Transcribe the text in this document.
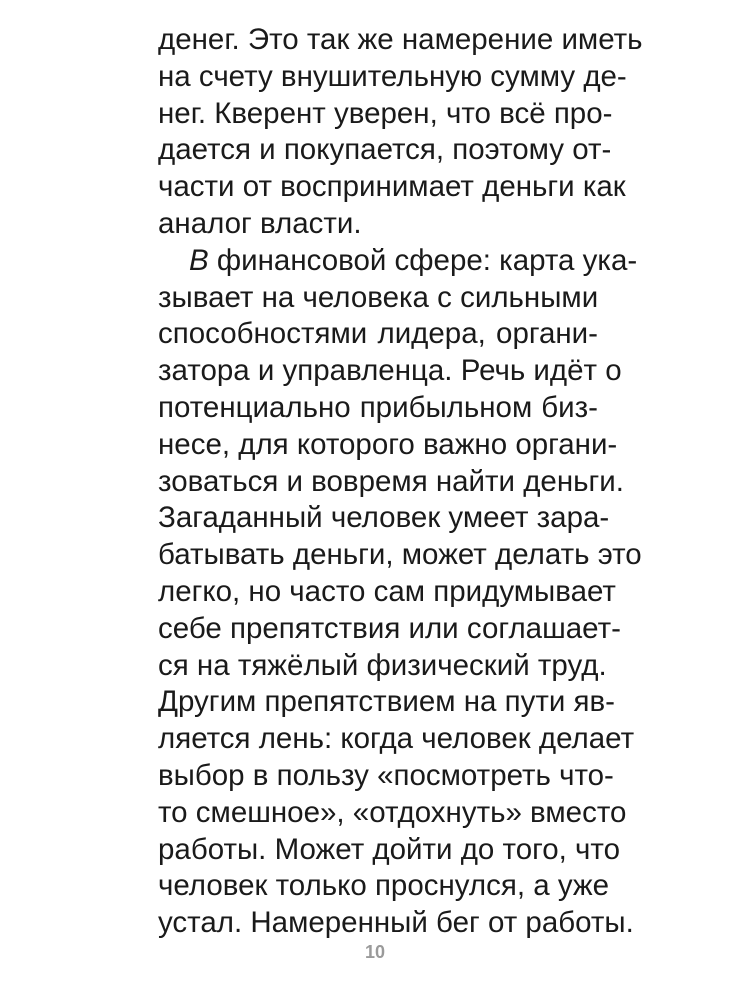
денег. Это так же намерение иметь
на счету внушительную сумму де-
нег. Кверент уверен, что всё про-
дается и покупается, поэтому от-
части от воспринимает деньги как
аналог власти.
В финансовой сфере: карта ука-
зывает на человека с сильными
способностями лидера, органи-
затора и управленца. Речь идёт о
потенциально прибыльном биз-
несе, для которого важно органи-
зоваться и вовремя найти деньги.
Загаданный человек умеет зара-
батывать деньги, может делать это
легко, но часто сам придумывает
себе препятствия или соглашает-
ся на тяжёлый физический труд.
Другим препятствием на пути яв-
ляется лень: когда человек делает
выбор в пользу «посмотреть что-
то смешное», «отдохнуть» вместо
работы. Может дойти до того, что
человек только проснулся, а уже
устал. Намеренный бег от работы.
10
